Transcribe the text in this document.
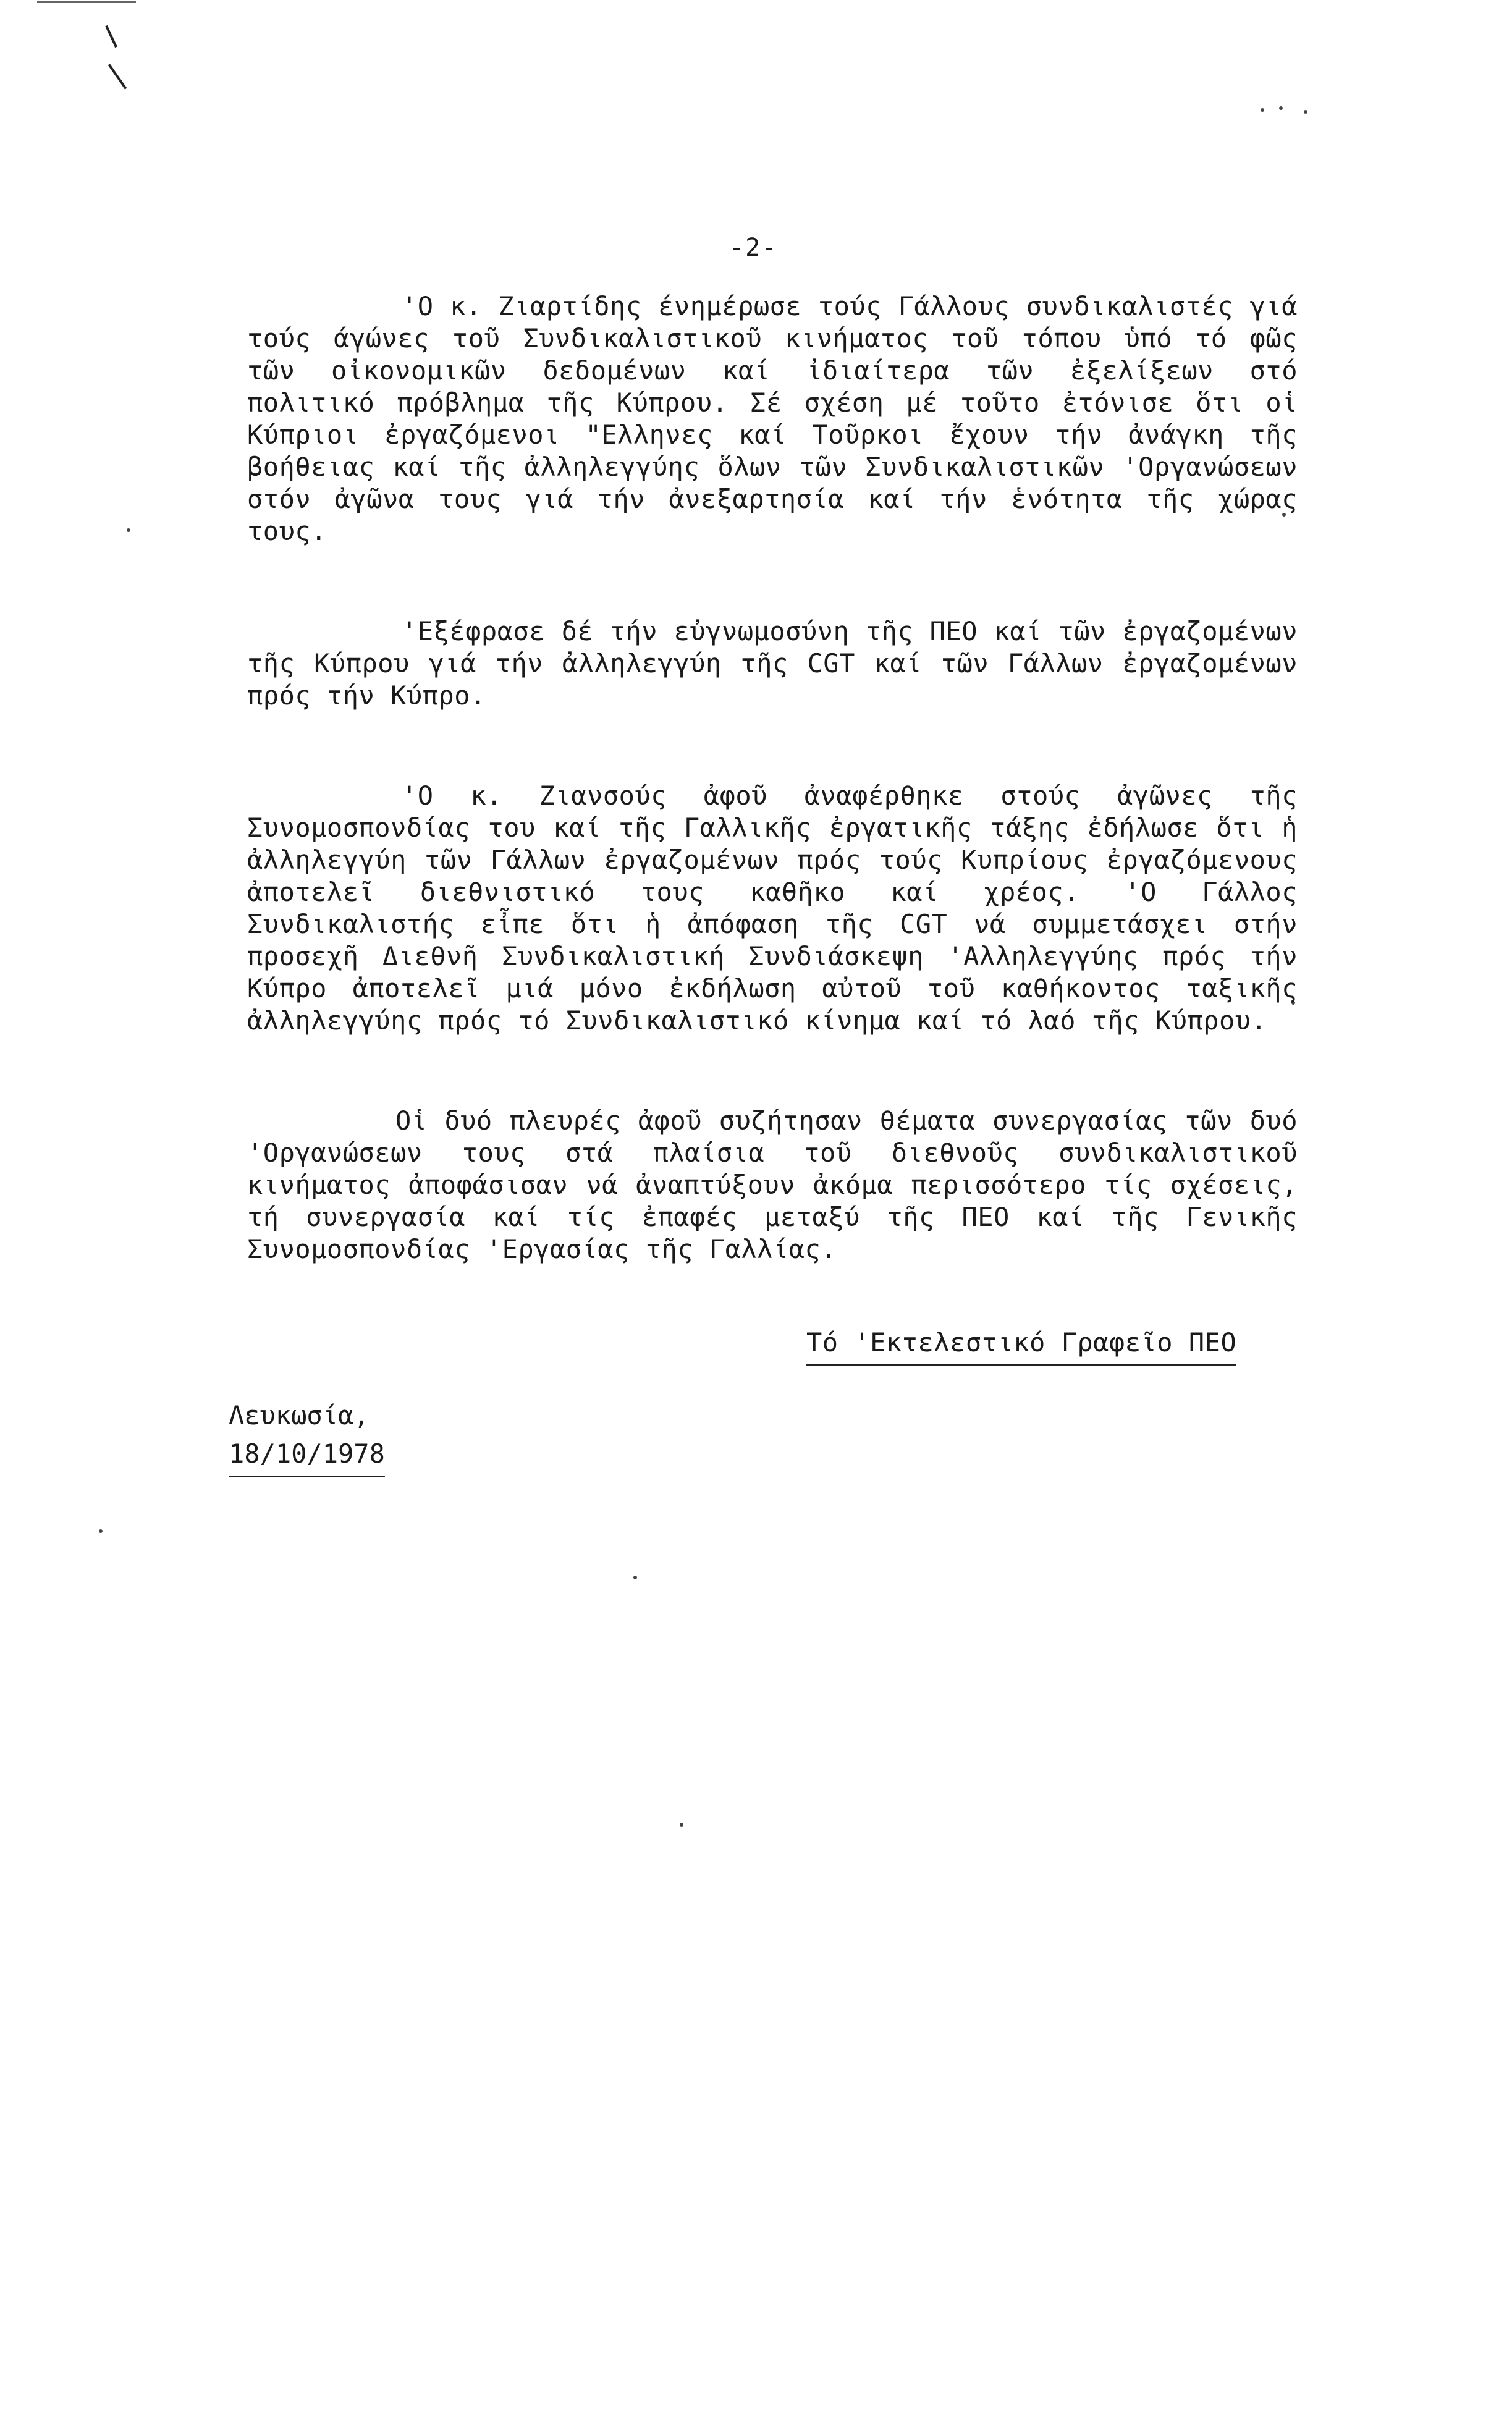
-2-

'Ο κ. Ζιαρτίδης ένημέρωσε τούς Γάλλους συνδικαλιστές γιά τούς άγώνες τοῦ Συνδικαλιστικοῦ κινήματος τοῦ τόπου ὑπό τό φῶς τῶν οἰκονομικῶν δεδομένων καί ἰδιαίτερα τῶν ἐξελίξεων στό πολιτικό πρόβλημα τῆς Κύπρου. Σέ σχέση μέ τοῦτο ἐτόνισε ὅτι οἱ Κύπριοι ἐργαζόμενοι "Ελληνες καί Τοῦρκοι ἔχουν τήν ἀνάγκη τῆς βοήθειας καί τῆς ἀλληλεγγύης ὅλων τῶν Συνδικαλιστικῶν 'Οργανώσεων στόν ἀγῶνα τους γιά τήν ἀνεξαρτησία καί τήν ἑνότητα τῆς χώρας τους.

'Εξέφρασε δέ τήν εὐγνωμοσύνη τῆς ΠΕΟ καί τῶν ἐργαζομένων τῆς Κύπρου γιά τήν ἀλληλεγγύη τῆς CGT καί τῶν Γάλλων ἐργαζομένων πρός τήν Κύπρο.

'Ο κ. Ζιανσούς ἀφοῦ ἀναφέρθηκε στούς ἀγῶνες τῆς Συνομοσπονδίας του καί τῆς Γαλλικῆς ἐργατικῆς τάξης ἐδήλωσε ὅτι ἡ ἀλληλεγγύη τῶν Γάλλων ἐργαζομένων πρός τούς Κυπρίους ἐργαζόμενους ἀποτελεῖ διεθνιστικό τους καθῆκο καί χρέος. 'Ο Γάλλος Συνδικαλιστής εἶπε ὅτι ἡ ἀπόφαση τῆς CGT νά συμμετάσχει στήν προσεχῆ Διεθνῆ Συνδικαλιστική Συνδιάσκεψη 'Αλληλεγγύης πρός τήν Κύπρο ἀποτελεῖ μιά μόνο ἐκδήλωση αὐτοῦ τοῦ καθήκοντος ταξικῆς ἀλληλεγγύης πρός τό Συνδικαλιστικό κίνημα καί τό λαό τῆς Κύπρου.

Οἱ δυό πλευρές ἀφοῦ συζήτησαν θέματα συνεργασίας τῶν δυό 'Οργανώσεων τους στά πλαίσια τοῦ διεθνοῦς συνδικαλιστικοῦ κινήματος ἀποφάσισαν νά ἀναπτύξουν ἀκόμα περισσότερο τίς σχέσεις, τή συνεργασία καί τίς ἐπαφές μεταξύ τῆς ΠΕΟ καί τῆς Γενικῆς Συνομοσπονδίας 'Εργασίας τῆς Γαλλίας.

Τό 'Εκτελεστικό Γραφεῖο ΠΕΟ
Λευκωσία,
18/10/1978
